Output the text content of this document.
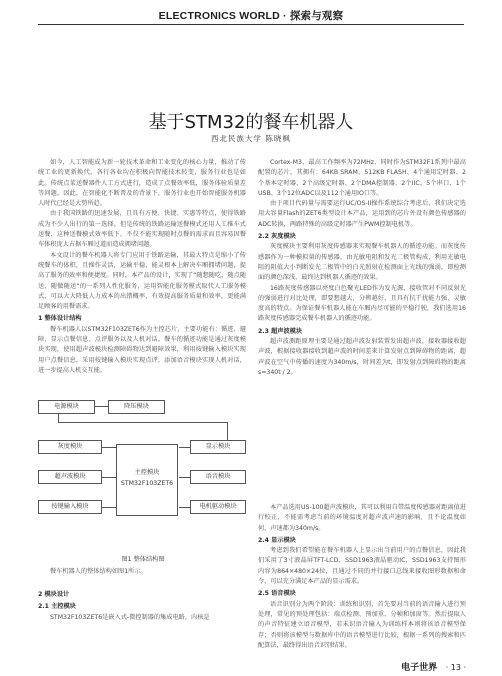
ELECTRONICS WORLD · 探索与观察
基于STM32的餐车机器人
西北民族大学 陈晓枫

如今，人工智能成为新一轮技术革命和工业变化的核心力量，推动了传统工业的更新换代，各行各业均在积极向智能技术转变，服务行业也是如此。传统点菜送餐器件人工方式进行，造成了点餐效率低，服务体验质量差等问题。因此，在智能化不断普及的背景下，服务行业也开始智能服务机器人时代已经是大势所趋。

由于我国铁路的迅速发展，且具有方便、快捷、实惠等特点，使得铁路成为不少人出行的第一选择。但是传统的铁路运输送餐模式还用人工推车式送餐，这种送餐模式效率低下，不仅不能实现随时点餐的需求而且容易因餐车体积庞大占据车厢过道而造成拥堵问题。

本文设计的餐车机器人将专门应用于铁路运输，其最大特点是缩小了传统餐车的体积，且操作灵活，运输平稳，能灵根本上解决车厢拥堵问题，提高了服务的效率和便捷度。同时，本产品的设计，实现了“随想随吃，随点随送，随做随送”的一系列人性化服务，运用智能化服务模式取代人工服务模式，可以大大降低人力成本的出错概率，有效提高服务质量和效率，更能满足顾客的用餐需求。

1 整体设计结构

餐车机器人以STM32F103ZET6作为主控芯片，主要功能有：循迹、避障、显示点餐信息、点评服务以及人机对话。餐车的循迹功能是通过灰度模块实现，使用超声波模块检测障碍物达到避障效果，利用按键输入模块实现用户点餐信息，采用按键输入模块实现点评，添加语音模块实现人机对话，进一步提高人机交互能。

电源模块	降压模块
灰度模块
超声波模块
按键输入模块
主控模块
STM32F103ZET6
显示模块
语音模块
电机驱动模块
图1 整体结构图
餐车机器人的整体结构如图1所示。
2 模块设计
2.1 主控模块

STM32F103ZET6是嵌入式-微控制器的集成电路，内核是

Cortex-M3，最高工作频率为72MHz，同时作为STM32F1系列中最高配置的芯片，其拥有：64KB SRAM、512KB FLASH、4个通用定时器、2个基本定时器、2个高级定时器、2个DMA控制器、2个IIC、5个串口、1个USB、3个12位ADC以及112个通用IO口等。

由于项目代码量与需要运行UC/OS-II操作系统综合考虑后，我们决定选用大容量Flash的ZET6类型设计本产品，运用到的芯片外设有颜色传感器的ADC转换，两路特殊的高级定时器产生PWM控制电机等。

2.2 灰度模块

灰度模块主要利用灰度传感器来实现餐车机器人的循迹功能。而灰度传感器作为一种模拟量的传感器，由光敏电阻和发光二极管构成，利用光敏电阻的阻值大小判断发光二极管中的白光照射在检测面上光线的强弱，即检测面的颜色深浅，最终达到机器人循迹的效果。

16路灰度传感器以亮度白色聚光LED作为发光源，接收管对不同反射光的强弱进行对比处理，即要想越大，分辨越好，且具有抗干扰能力强、灵敏度高的特点。为保证餐车机器人能在车厢内尽可能的平稳行驶，我们选用16路灰度传感器完成餐车机器人的循迹功能。

2.3 超声波模块

超声波测距原理主要是通过超声波发射装置发出超声波，接收器接收超声波，根据接收器接收到超声波的时间差来计算发射点到障碍物的距离，超声波在空气中传播的速度为340m/s，时间差为t，即发射点到障碍物的距离s=340t / 2。

本产品选用US-100超声波模块，其可以利用自带温度传感器对距离值进行校正，不能需考虑当前的环境温度对超声波声速的影响，且不论温度如何，声速都为340m/s。

2.4 显示模块

考虑到我们希望能在餐车机器人上显示出当前用户的点餐信息，因此我们采用了3寸液晶屏TFT-LCD，SSD1963液晶驱动IC，SSD1963支持图形内容为864×480×24位，且通过不同的并行接口总线来接收图形数据和命令，可以充分满足本产品的显示需求。

2.5 语音模块

语音识别分为两个阶段：训练和识别，首先要对当前的语音输入进行预处理，常见的预处理包括：端点检测、预加重、分帧和加窗等。然后提取人的声音特征建立语音模型，若未识语音输入为训练样本则将该语音模型保存；否则将该模型与数据库中的语音模型进行比较，根据一系列的搜索和匹配算法，最终得出语音识别结果。

电子世界 · 13 ·
